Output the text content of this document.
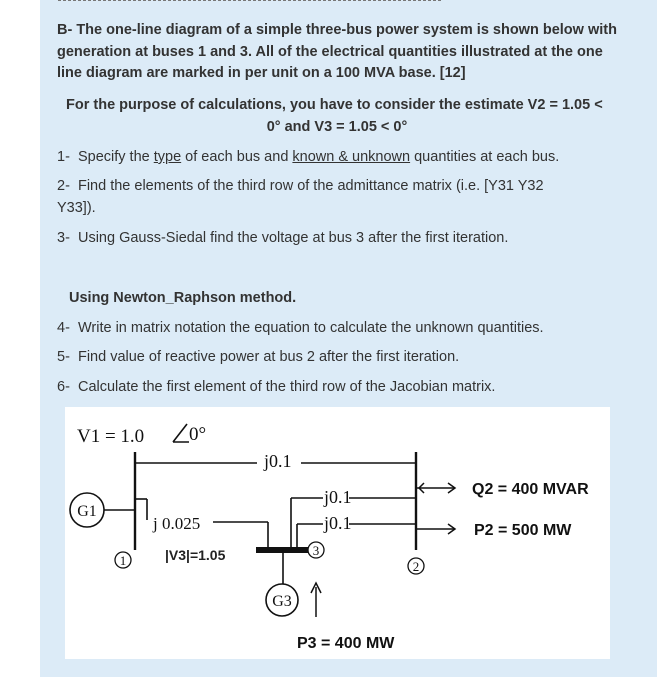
B- The one-line diagram of a simple three-bus power system is shown below with generation at buses 1 and 3. All of the electrical quantities illustrated at the one line diagram are marked in per unit on a 100 MVA base. [12]
For the purpose of calculations, you have to consider the estimate V2 = 1.05 <
0° and V3 = 1.05 < 0°
1- Specify the type of each bus and known & unknown quantities at each bus.
2- Find the elements of the third row of the admittance matrix (i.e. [Y31 Y32
Y33]).
3- Using Gauss-Siedal find the voltage at bus 3 after the first iteration.
Using Newton_Raphson method.
4- Write in matrix notation the equation to calculate the unknown quantities.
5- Find value of reactive power at bus 2 after the first iteration.
6- Calculate the first element of the third row of the Jacobian matrix.
V1 = 1.0 0°
j0.1
G1
j 0.025
j0.1
j0.1
1
3
2
|V3|=1.05
G3
P3 = 400 MW
Q2 = 400 MVAR
P2 = 500 MW
